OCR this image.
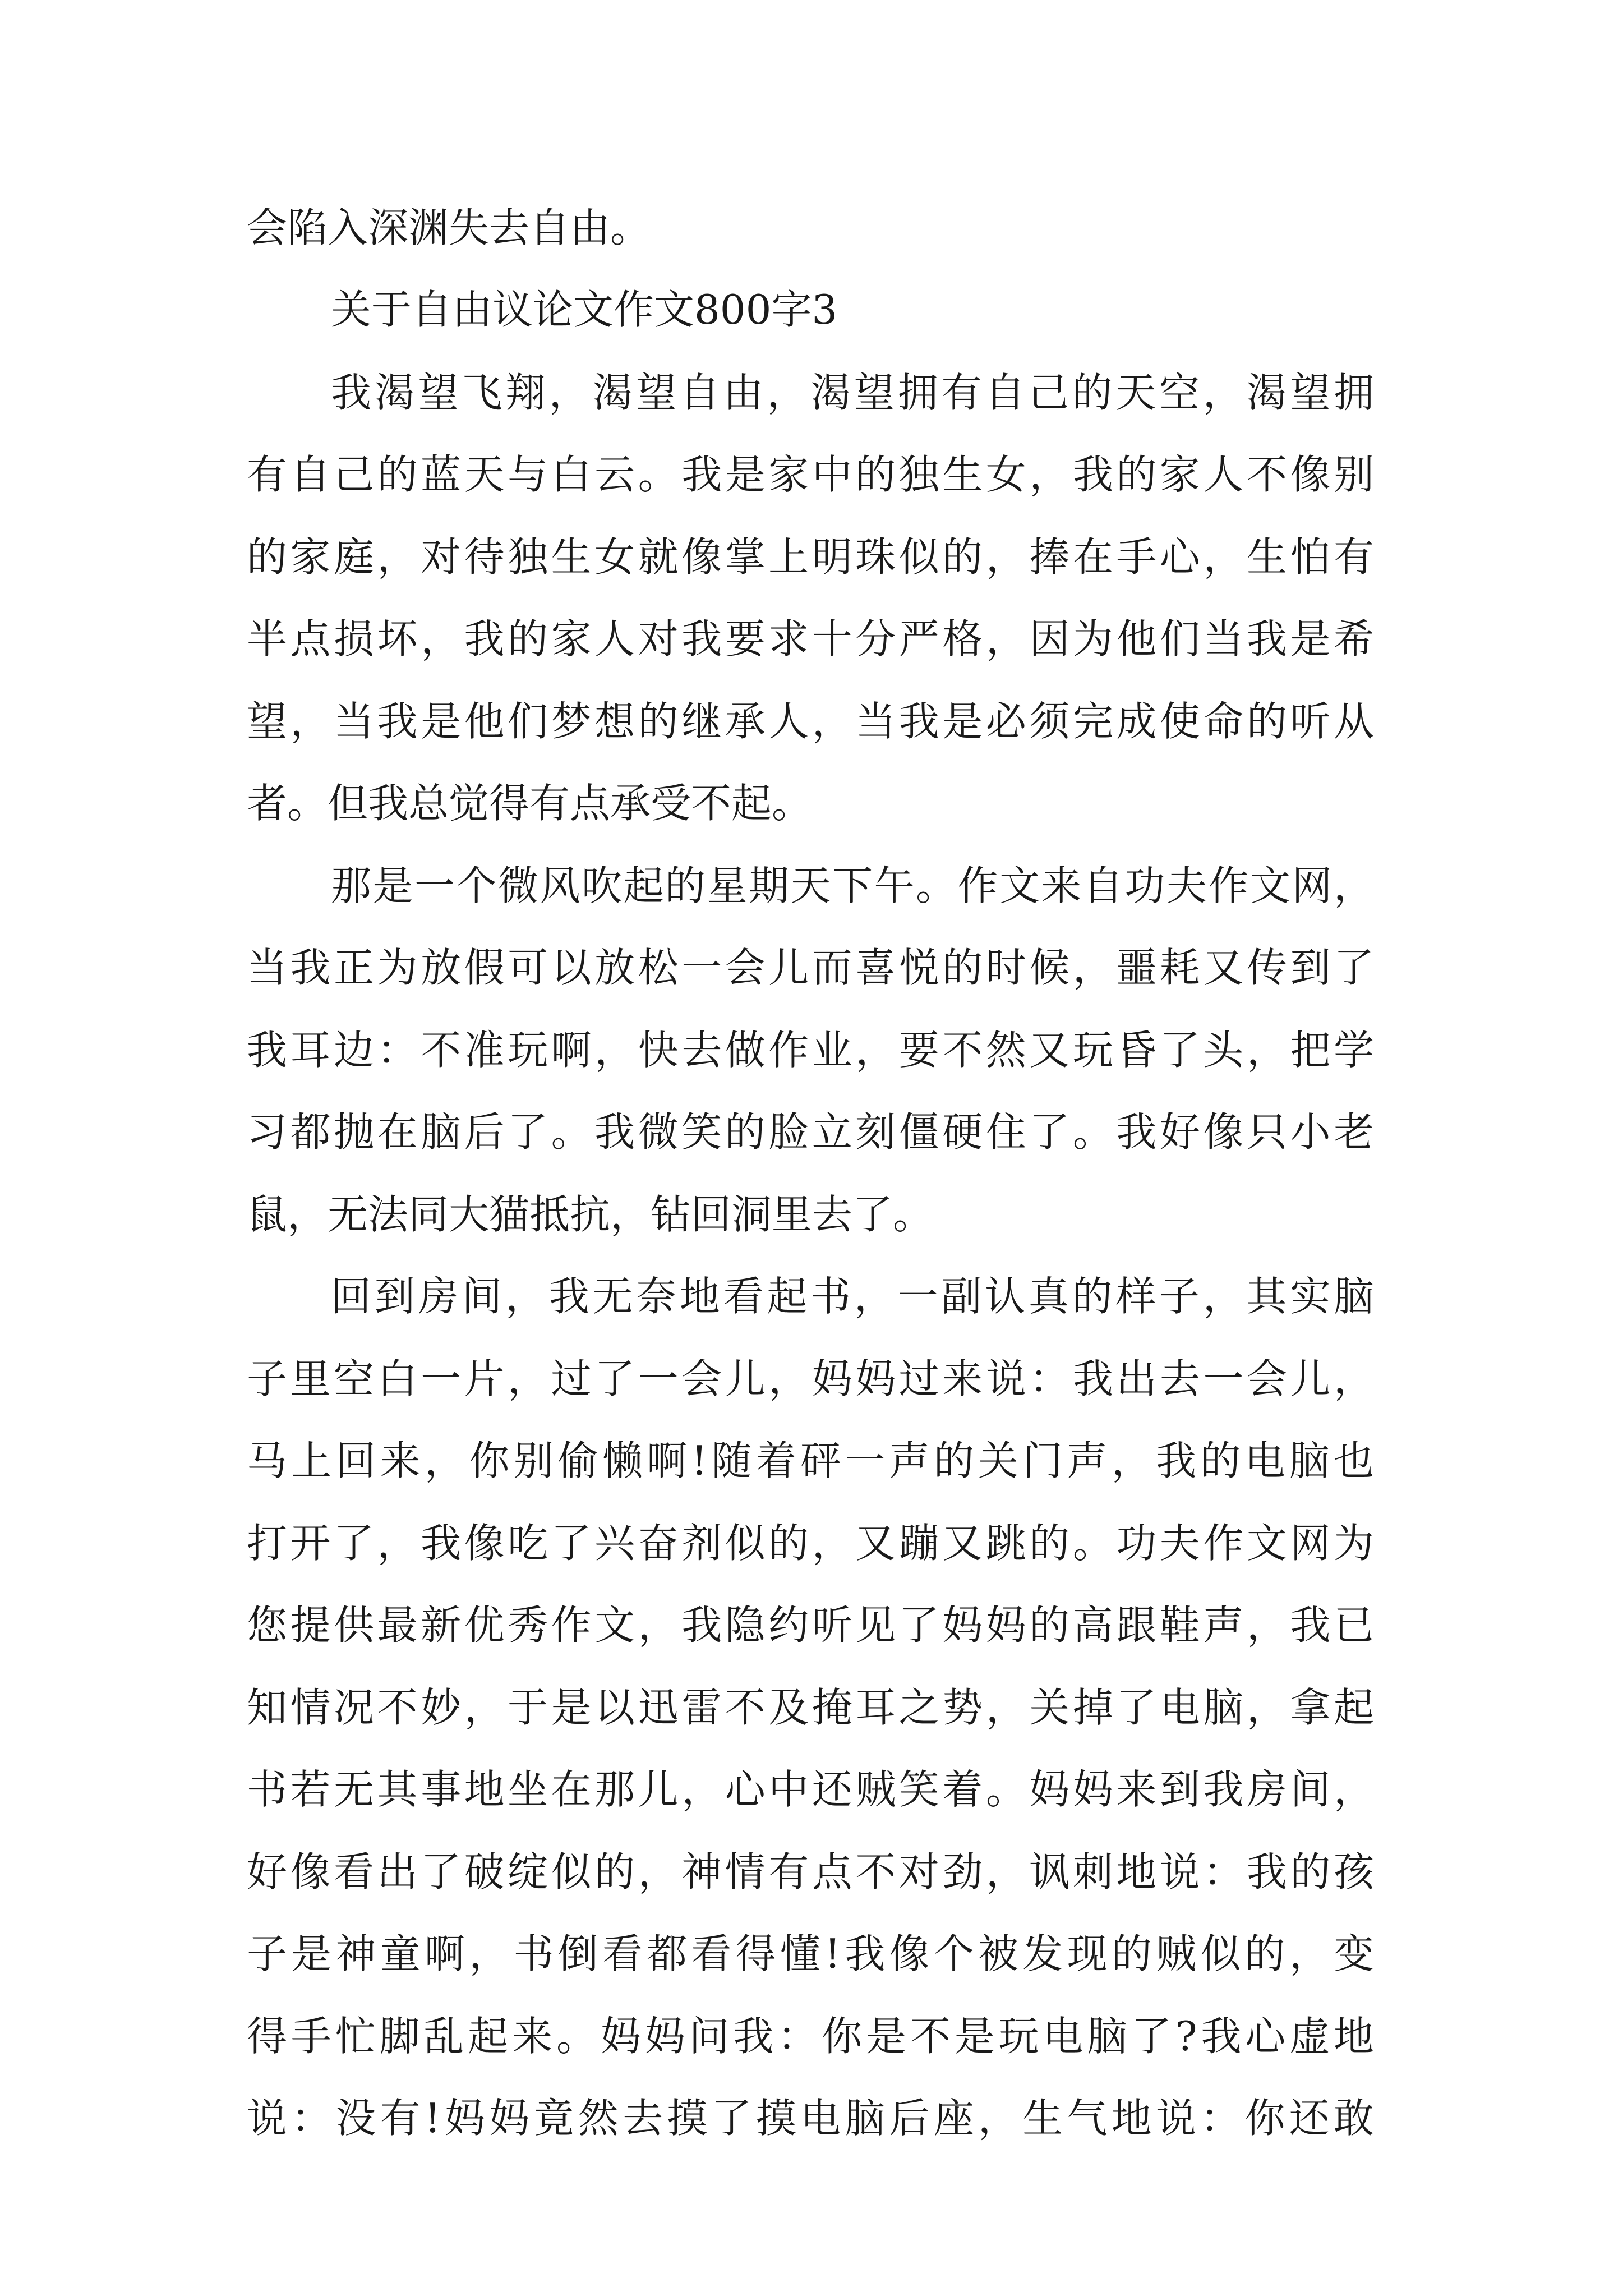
会陷入深渊失去自由。
关于自由议论文作文800字3
我渴望飞翔，渴望自由，渴望拥有自己的天空，渴望拥
有自己的蓝天与白云。我是家中的独生女，我的家人不像别
的家庭，对待独生女就像掌上明珠似的，捧在手心，生怕有
半点损坏，我的家人对我要求十分严格，因为他们当我是希
望，当我是他们梦想的继承人，当我是必须完成使命的听从
者。但我总觉得有点承受不起。
那是一个微风吹起的星期天下午。作文来自功夫作文网，
当我正为放假可以放松一会儿而喜悦的时候，噩耗又传到了
我耳边：不准玩啊，快去做作业，要不然又玩昏了头，把学
习都抛在脑后了。我微笑的脸立刻僵硬住了。我好像只小老
鼠，无法同大猫抵抗，钻回洞里去了。
回到房间，我无奈地看起书，一副认真的样子，其实脑
子里空白一片，过了一会儿，妈妈过来说：我出去一会儿，
马上回来，你别偷懒啊!随着砰一声的关门声，我的电脑也
打开了，我像吃了兴奋剂似的，又蹦又跳的。功夫作文网为
您提供最新优秀作文，我隐约听见了妈妈的高跟鞋声，我已
知情况不妙，于是以迅雷不及掩耳之势，关掉了电脑，拿起
书若无其事地坐在那儿，心中还贼笑着。妈妈来到我房间，
好像看出了破绽似的，神情有点不对劲，讽刺地说：我的孩
子是神童啊，书倒看都看得懂!我像个被发现的贼似的，变
得手忙脚乱起来。妈妈问我：你是不是玩电脑了?我心虚地
说：没有!妈妈竟然去摸了摸电脑后座，生气地说：你还敢
